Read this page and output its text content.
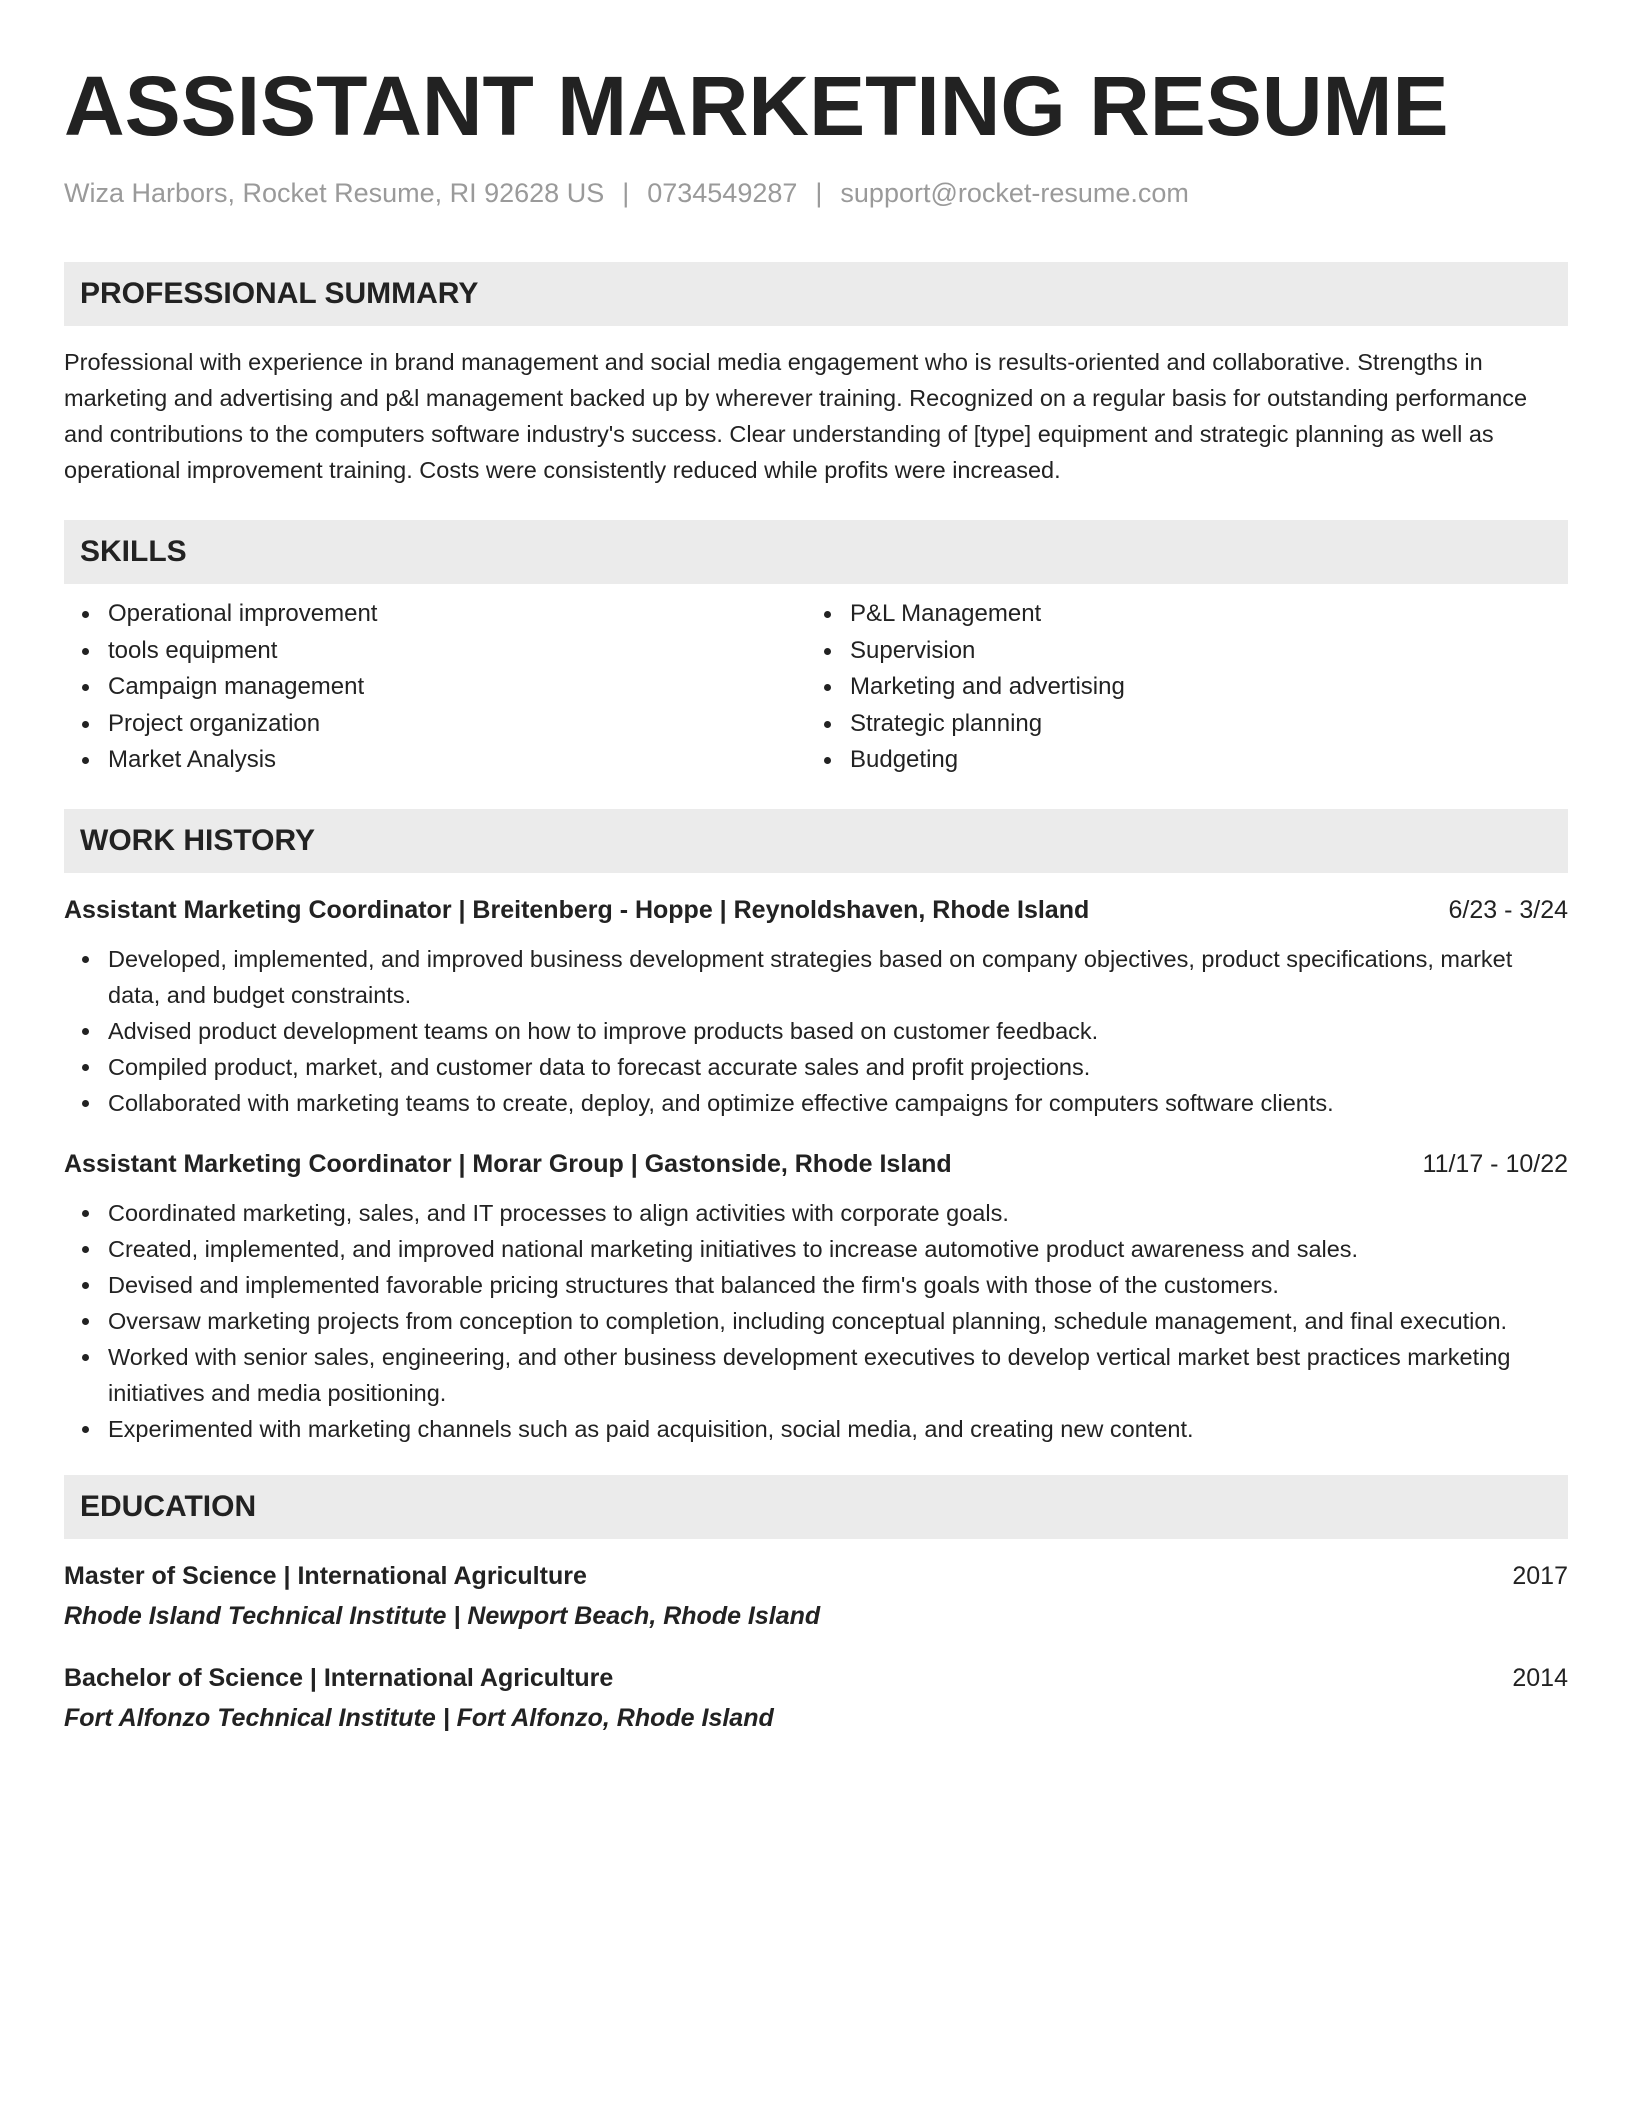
ASSISTANT MARKETING RESUME
Wiza Harbors, Rocket Resume, RI 92628 US | 0734549287 | support@rocket-resume.com
PROFESSIONAL SUMMARY
Professional with experience in brand management and social media engagement who is results-oriented and collaborative. Strengths in marketing and advertising and p&l management backed up by wherever training. Recognized on a regular basis for outstanding performance and contributions to the computers software industry's success. Clear understanding of [type] equipment and strategic planning as well as operational improvement training. Costs were consistently reduced while profits were increased.
SKILLS
Operational improvement
tools equipment
Campaign management
Project organization
Market Analysis
P&L Management
Supervision
Marketing and advertising
Strategic planning
Budgeting
WORK HISTORY
Assistant Marketing Coordinator | Breitenberg - Hoppe | Reynoldshaven, Rhode Island	6/23 - 3/24
Developed, implemented, and improved business development strategies based on company objectives, product specifications, market data, and budget constraints.
Advised product development teams on how to improve products based on customer feedback.
Compiled product, market, and customer data to forecast accurate sales and profit projections.
Collaborated with marketing teams to create, deploy, and optimize effective campaigns for computers software clients.
Assistant Marketing Coordinator | Morar Group | Gastonside, Rhode Island	11/17 - 10/22
Coordinated marketing, sales, and IT processes to align activities with corporate goals.
Created, implemented, and improved national marketing initiatives to increase automotive product awareness and sales.
Devised and implemented favorable pricing structures that balanced the firm's goals with those of the customers.
Oversaw marketing projects from conception to completion, including conceptual planning, schedule management, and final execution.
Worked with senior sales, engineering, and other business development executives to develop vertical market best practices marketing initiatives and media positioning.
Experimented with marketing channels such as paid acquisition, social media, and creating new content.
EDUCATION
Master of Science | International Agriculture	2017
Rhode Island Technical Institute | Newport Beach, Rhode Island
Bachelor of Science | International Agriculture	2014
Fort Alfonzo Technical Institute | Fort Alfonzo, Rhode Island
